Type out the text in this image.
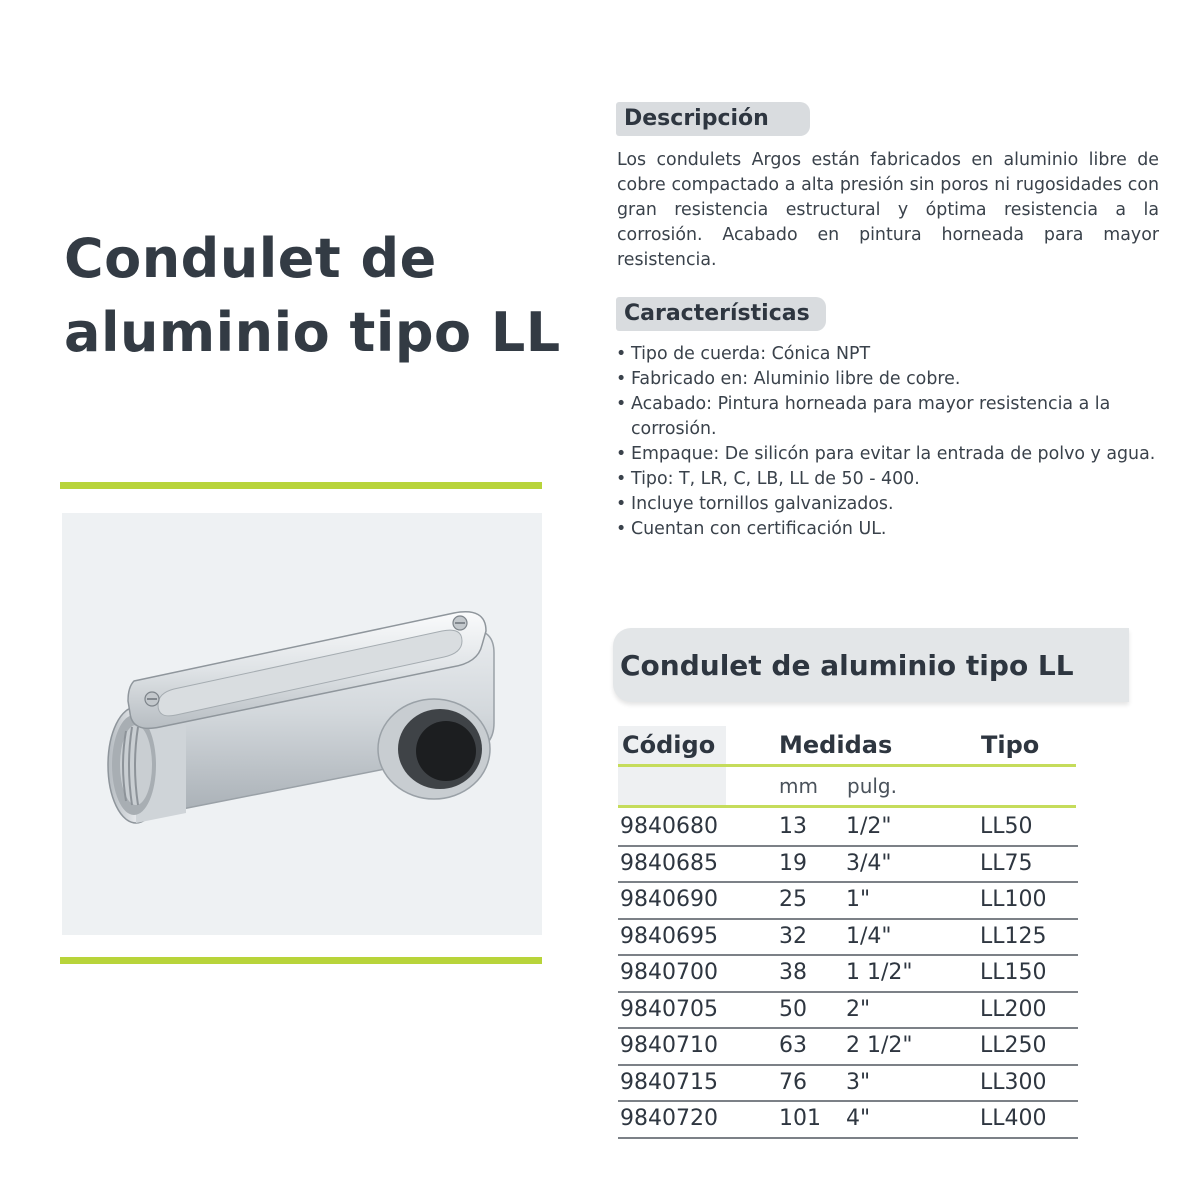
Condulet de
aluminio tipo LL
Descripción

Los condulets Argos están fabricados en aluminio libre de cobre compactado a alta presión sin poros ni rugosidades con gran resistencia estructural y óptima resistencia a la corrosión. Acabado en pintura horneada para mayor resistencia.

Características
• Tipo de cuerda: Cónica NPT
• Fabricado en: Aluminio libre de cobre.
• Acabado: Pintura horneada para mayor resistencia a la corrosión.
• Empaque: De silicón para evitar la entrada de polvo y agua.
• Tipo: T, LR, C, LB, LL de 50 - 400.
• Incluye tornillos galvanizados.
• Cuentan con certificación UL.
Condulet de aluminio tipo LL
Código	Medidas	Tipo
mm pulg.
9840680	13 1/2"	LL50
9840685	19 3/4"	LL75
9840690	25 1"	LL100
9840695	32 1/4"	LL125
9840700	38 1 1/2"	LL150
9840705	50 2"	LL200
9840710	63 2 1/2"	LL250
9840715	76 3"	LL300
9840720	101 4"	LL400
